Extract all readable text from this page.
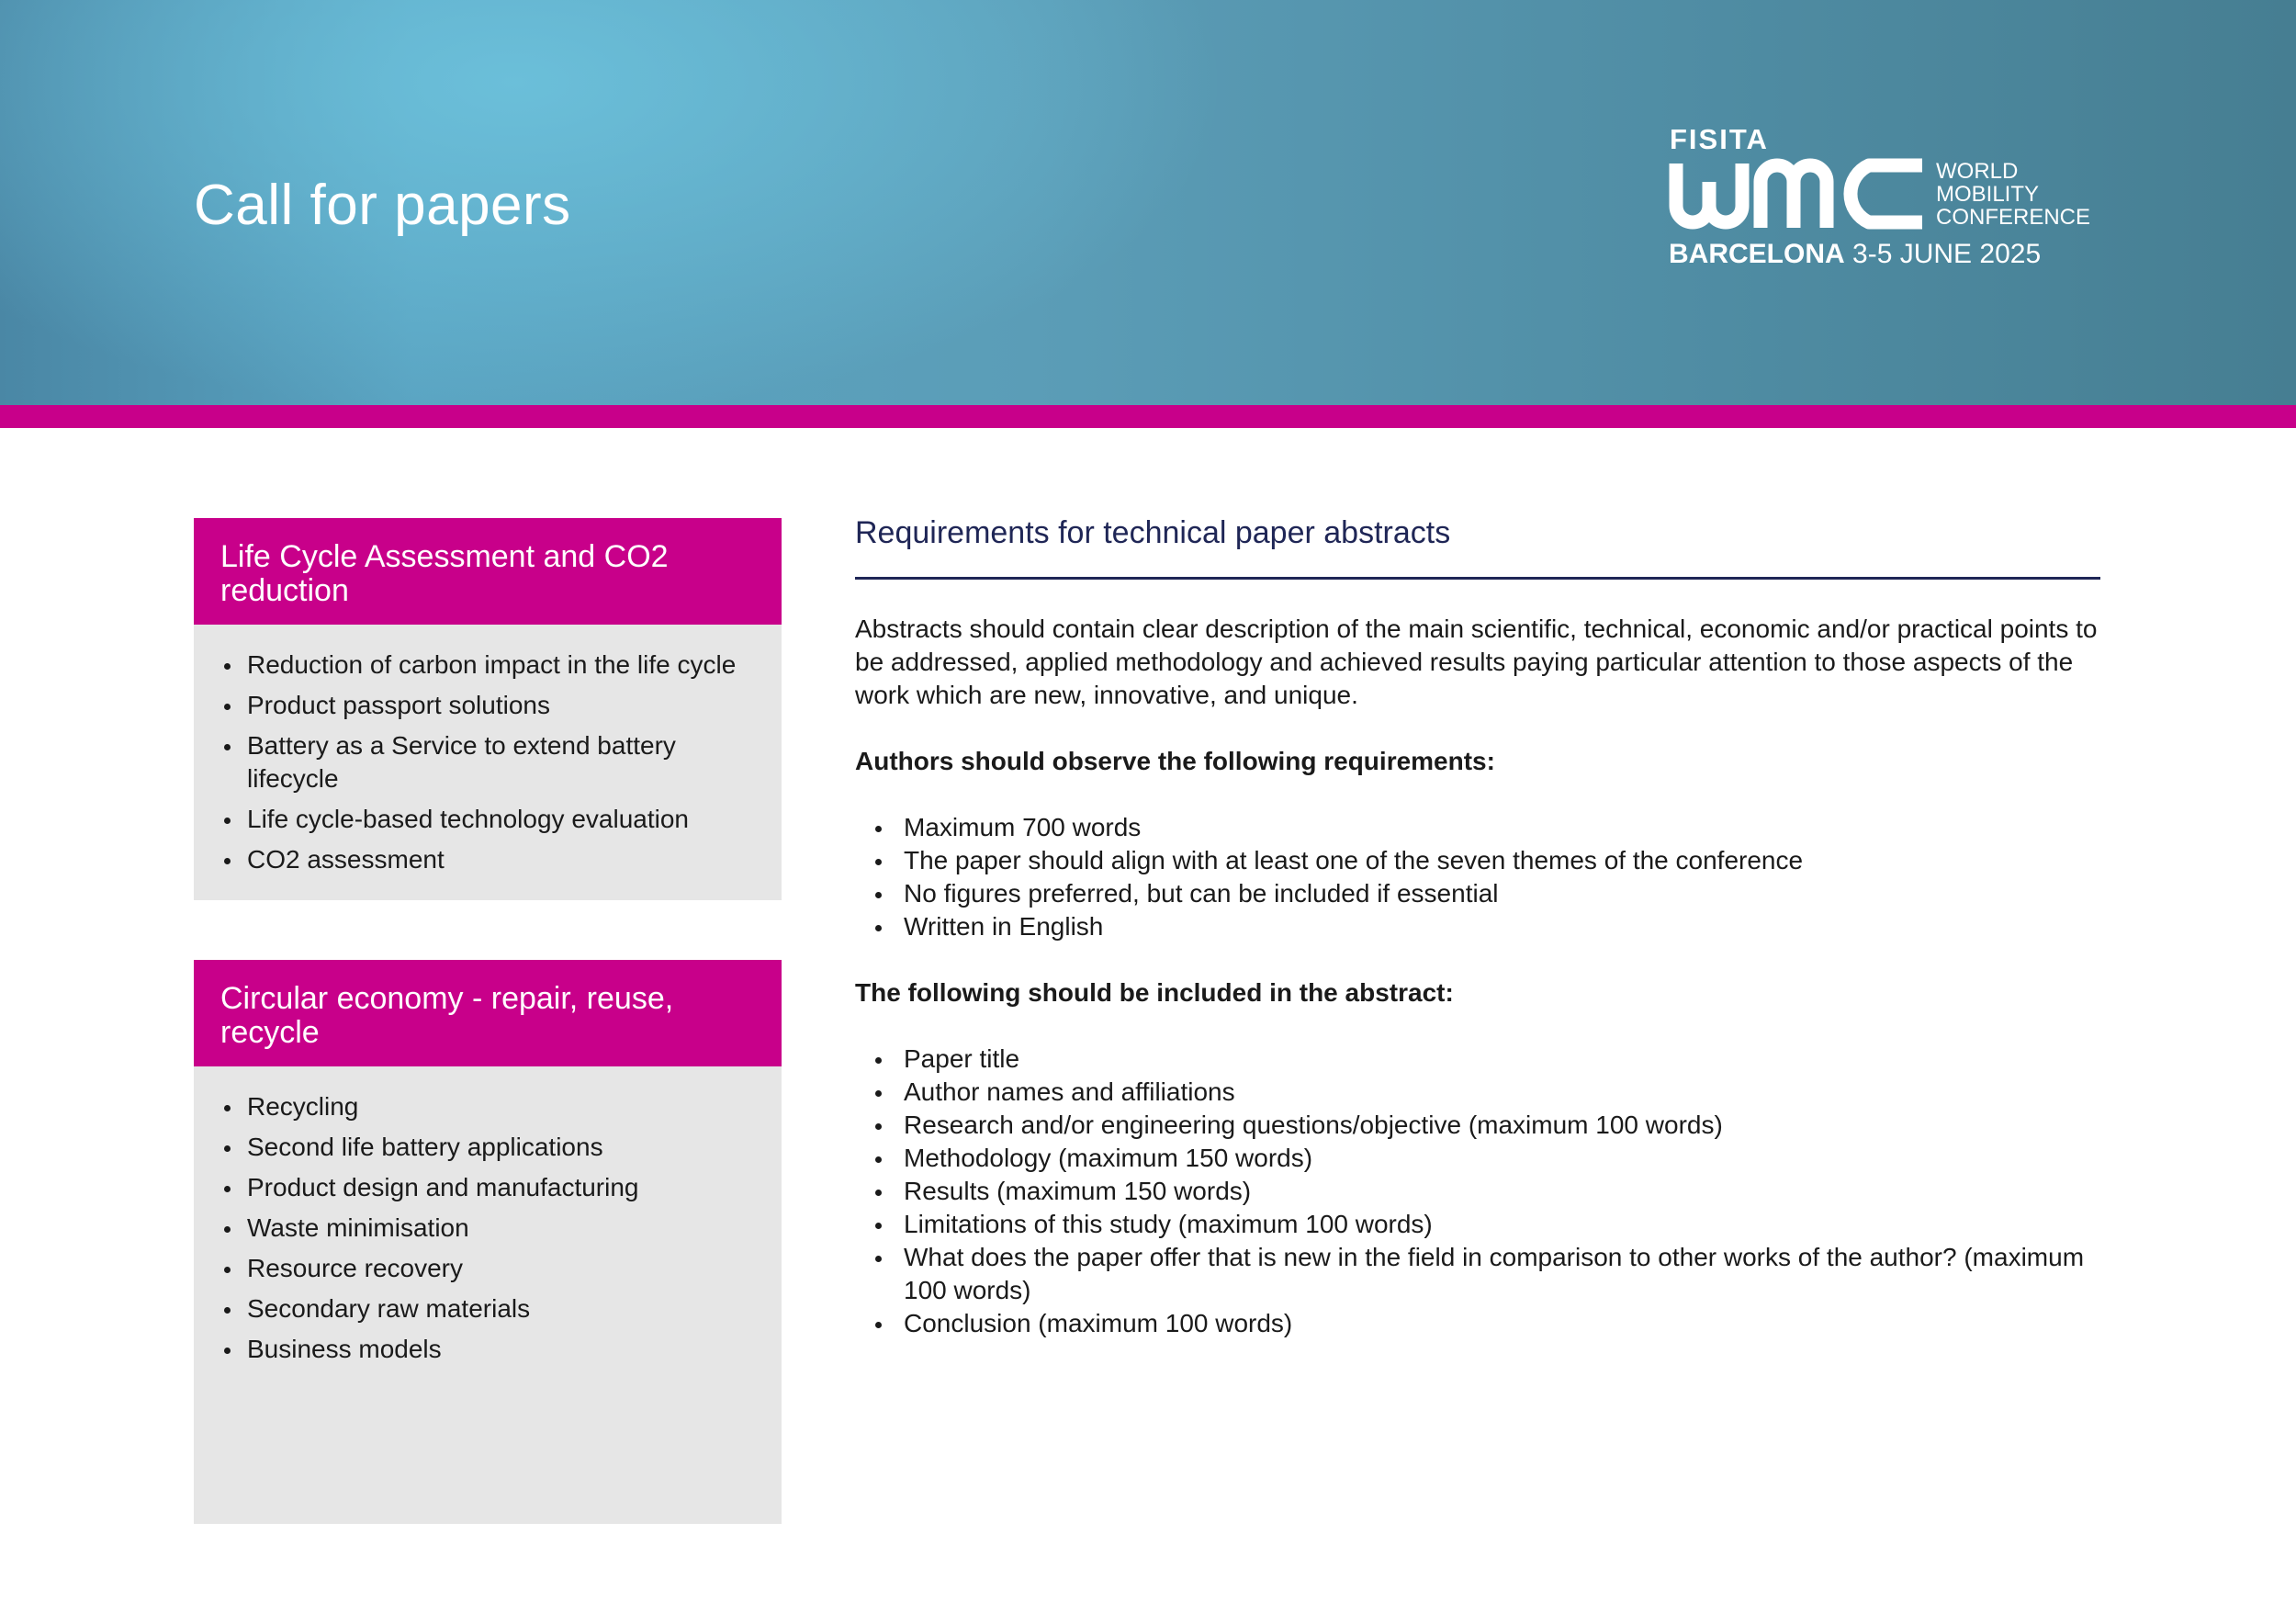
Call for papers
FISITA
WORLD
MOBILITY
CONFERENCE
BARCELONA 3-5 JUNE 2025
Life Cycle Assessment and CO2 reduction
Reduction of carbon impact in the life cycle
Product passport solutions
Battery as a Service to extend battery lifecycle
Life cycle-based technology evaluation
CO2 assessment
Circular economy - repair, reuse, recycle
Recycling
Second life battery applications
Product design and manufacturing
Waste minimisation
Resource recovery
Secondary raw materials
Business models
Requirements for technical paper abstracts

Abstracts should contain clear description of the main scientific, technical, economic and/or practical points to be addressed, applied methodology and achieved results paying particular attention to those aspects of the work which are new, innovative, and unique.

Authors should observe the following requirements:

Maximum 700 words
The paper should align with at least one of the seven themes of the conference
No figures preferred, but can be included if essential
Written in English

The following should be included in the abstract:

Paper title
Author names and affiliations
Research and/or engineering questions/objective (maximum 100 words)
Methodology (maximum 150 words)
Results (maximum 150 words)
Limitations of this study (maximum 100 words)
What does the paper offer that is new in the field in comparison to other works of the author? (maximum 100 words)
Conclusion (maximum 100 words)
